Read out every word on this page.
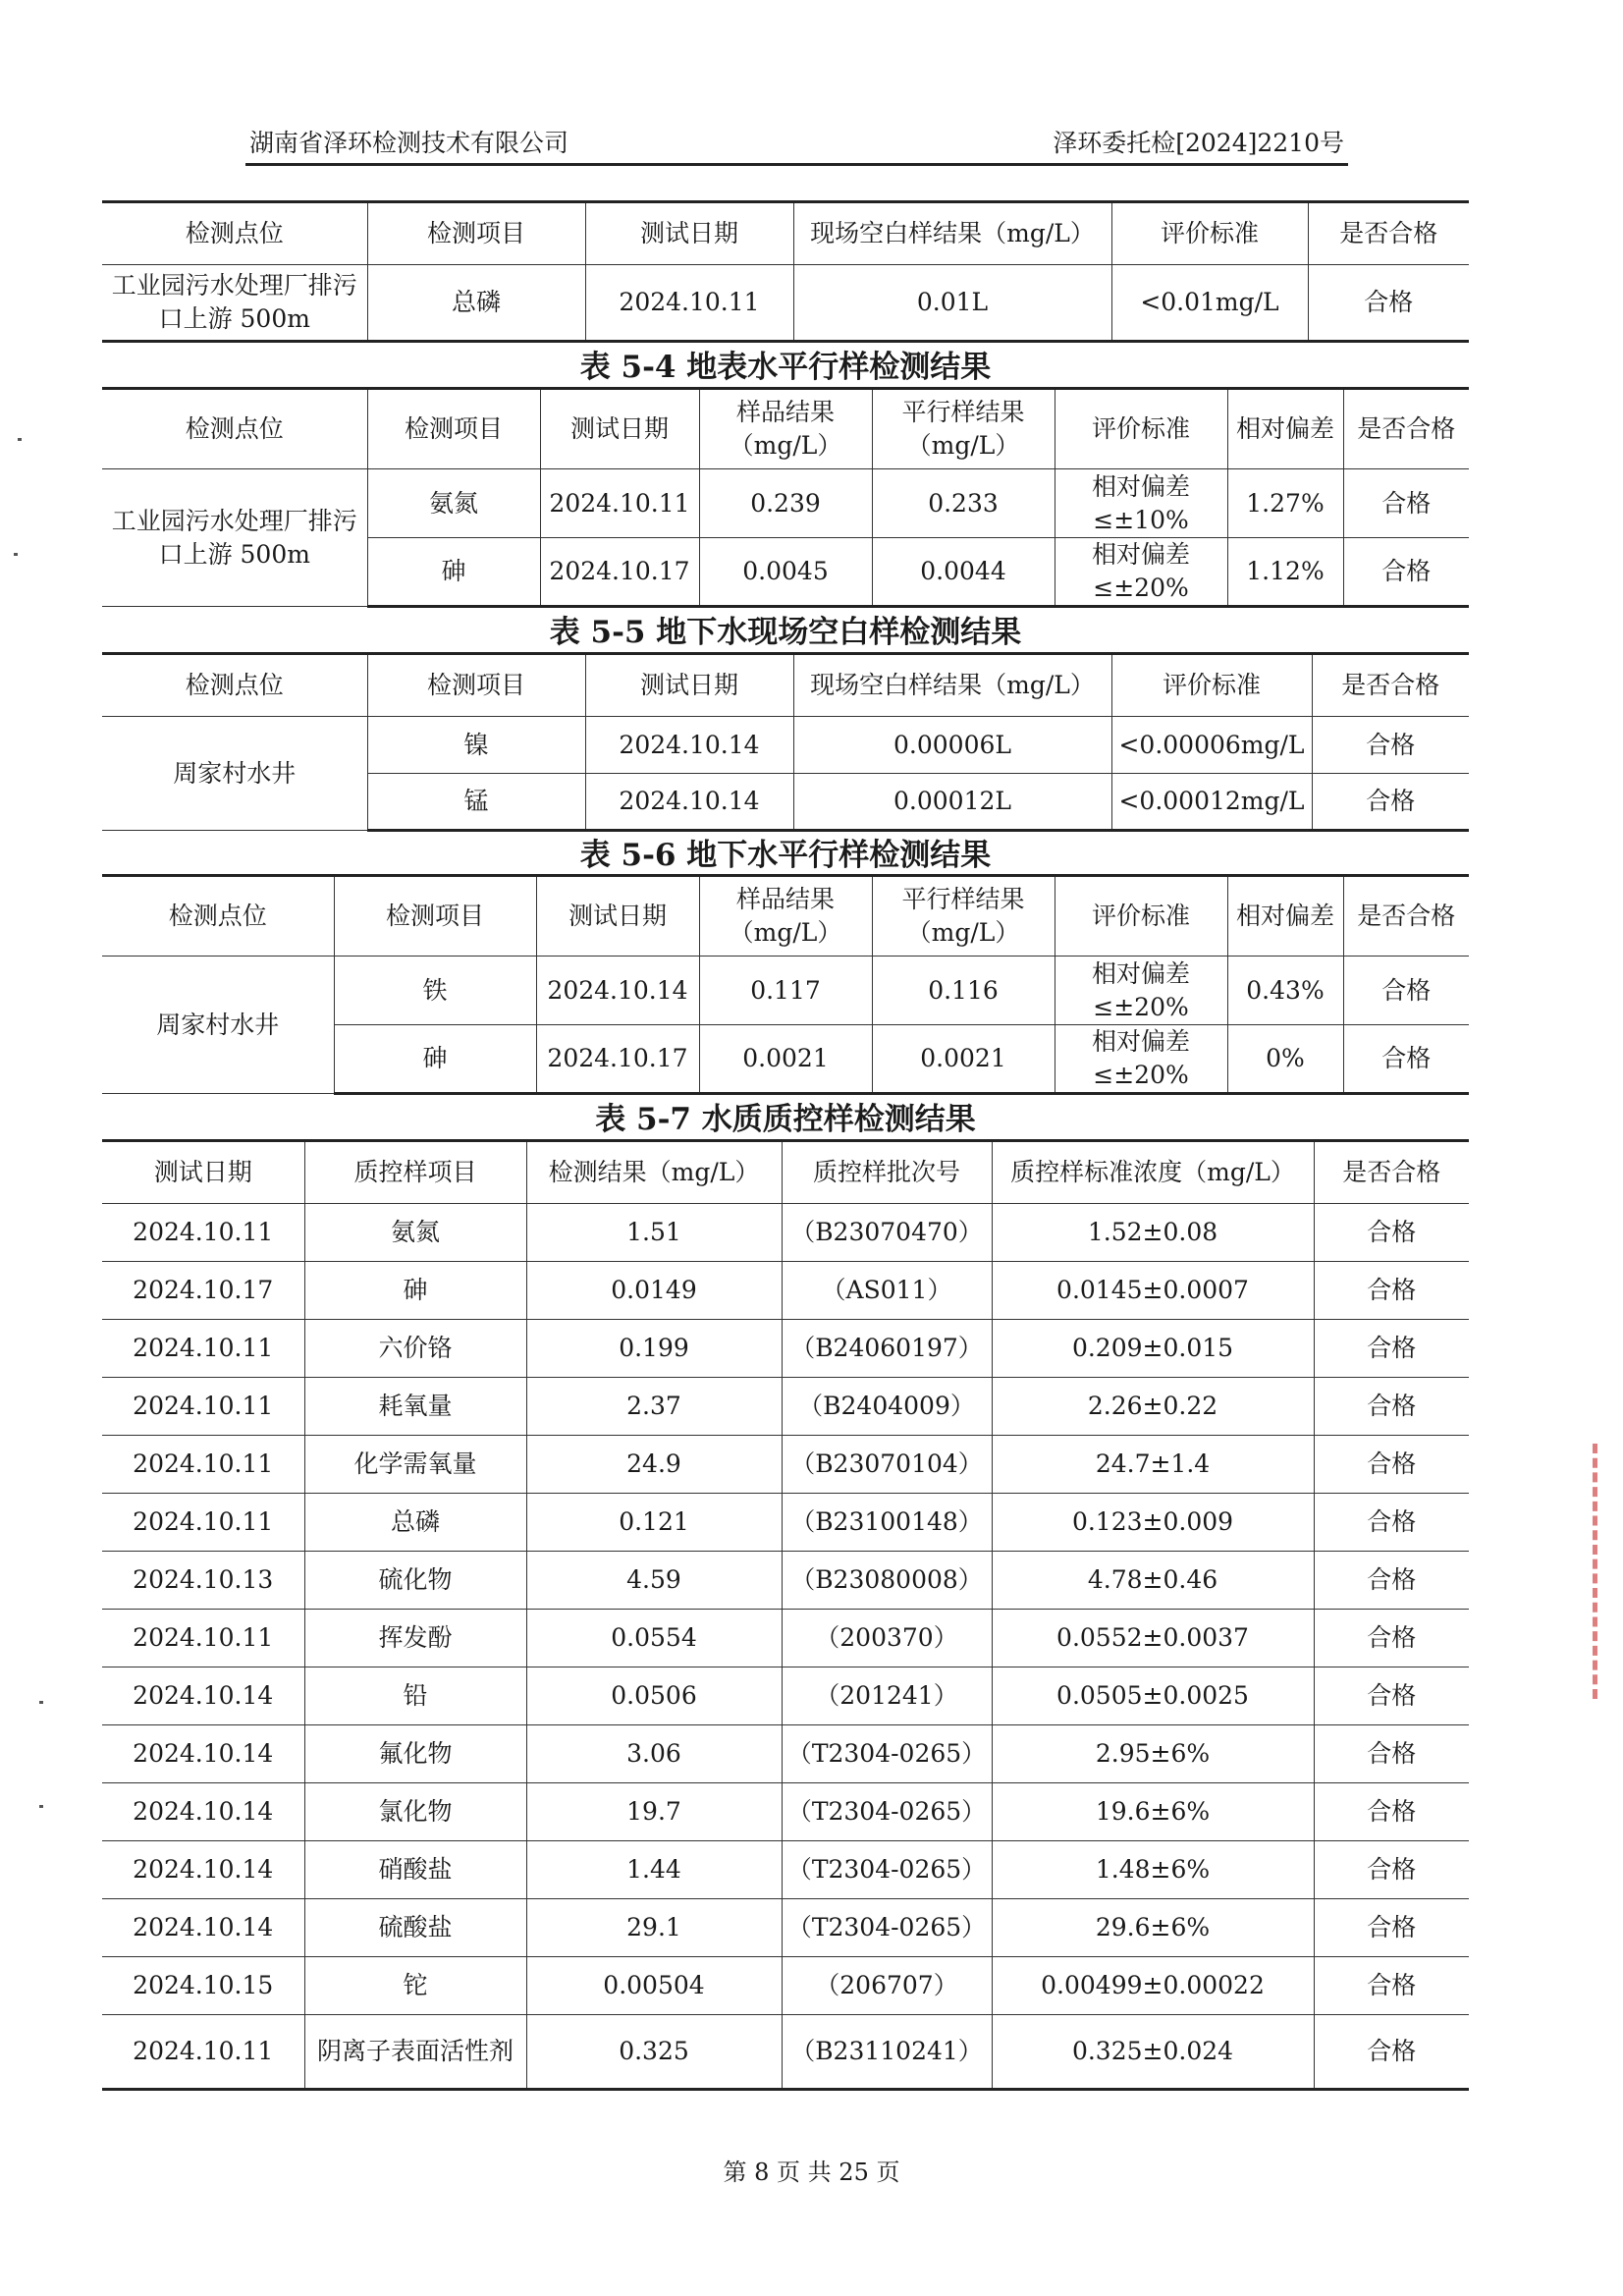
湖南省泽环检测技术有限公司	泽环委托检[2024]2210号
检测点位	检测项目	测试日期	现场空白样结果（mg/L）	评价标准	是否合格
工业园污水处理厂排污口上游 500m	总磷	2024.10.11	0.01L	<0.01mg/L	合格
表 5-4 地表水平行样检测结果
检测点位	检测项目	测试日期	样品结果（mg/L）	平行样结果（mg/L）	评价标准	相对偏差	是否合格
工业园污水处理厂排污口上游 500m	氨氮	2024.10.11	0.239	0.233	相对偏差≤±10%	1.27%	合格
	砷	2024.10.17	0.0045	0.0044	相对偏差≤±20%	1.12%	合格
表 5-5 地下水现场空白样检测结果
检测点位	检测项目	测试日期	现场空白样结果（mg/L）	评价标准	是否合格
周家村水井	镍	2024.10.14	0.00006L	<0.00006mg/L	合格
	锰	2024.10.14	0.00012L	<0.00012mg/L	合格
表 5-6 地下水平行样检测结果
检测点位	检测项目	测试日期	样品结果（mg/L）	平行样结果（mg/L）	评价标准	相对偏差	是否合格
周家村水井	铁	2024.10.14	0.117	0.116	相对偏差≤±20%	0.43%	合格
	砷	2024.10.17	0.0021	0.0021	相对偏差≤±20%	0%	合格
表 5-7 水质质控样检测结果
测试日期	质控样项目	检测结果（mg/L）	质控样批次号	质控样标准浓度（mg/L）	是否合格
2024.10.11	氨氮	1.51	（B23070470）	1.52±0.08	合格
2024.10.17	砷	0.0149	（AS011）	0.0145±0.0007	合格
2024.10.11	六价铬	0.199	（B24060197）	0.209±0.015	合格
2024.10.11	耗氧量	2.37	（B2404009）	2.26±0.22	合格
2024.10.11	化学需氧量	24.9	（B23070104）	24.7±1.4	合格
2024.10.11	总磷	0.121	（B23100148）	0.123±0.009	合格
2024.10.13	硫化物	4.59	（B23080008）	4.78±0.46	合格
2024.10.11	挥发酚	0.0554	（200370）	0.0552±0.0037	合格
2024.10.14	铅	0.0506	（201241）	0.0505±0.0025	合格
2024.10.14	氟化物	3.06	（T2304-0265）	2.95±6%	合格
2024.10.14	氯化物	19.7	（T2304-0265）	19.6±6%	合格
2024.10.14	硝酸盐	1.44	（T2304-0265）	1.48±6%	合格
2024.10.14	硫酸盐	29.1	（T2304-0265）	29.6±6%	合格
2024.10.15	铊	0.00504	（206707）	0.00499±0.00022	合格
2024.10.11	阴离子表面活性剂	0.325	（B23110241）	0.325±0.024	合格
第 8 页 共 25 页
